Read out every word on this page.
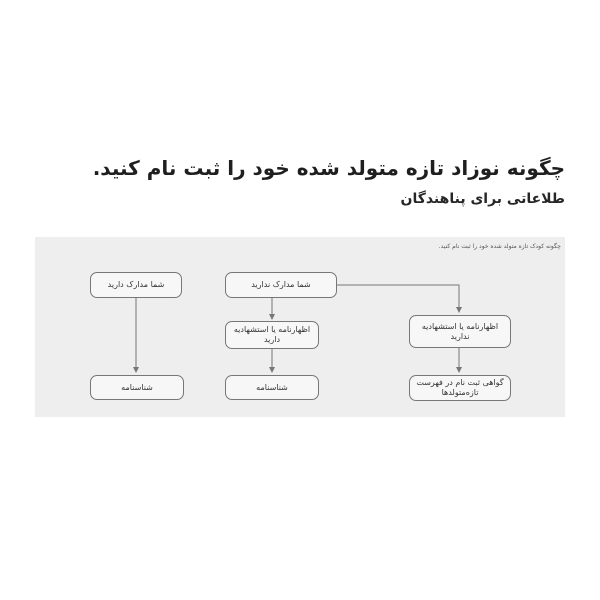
چگونه نوزاد تازه متولد شده خود را ثبت نام کنید.
طلاعاتی برای پناهندگان
چگونه کودک تازه متولد شده خود را ثبت نام کنید.
شما مدارک دارید	شما مدارک ندارید
اظهارنامه یا استشهادیه دارید
اظهارنامه یا استشهادیه ندارید
شناسنامه	شناسنامه	گواهی ثبت نام در فهرست تازه‌متولدها
